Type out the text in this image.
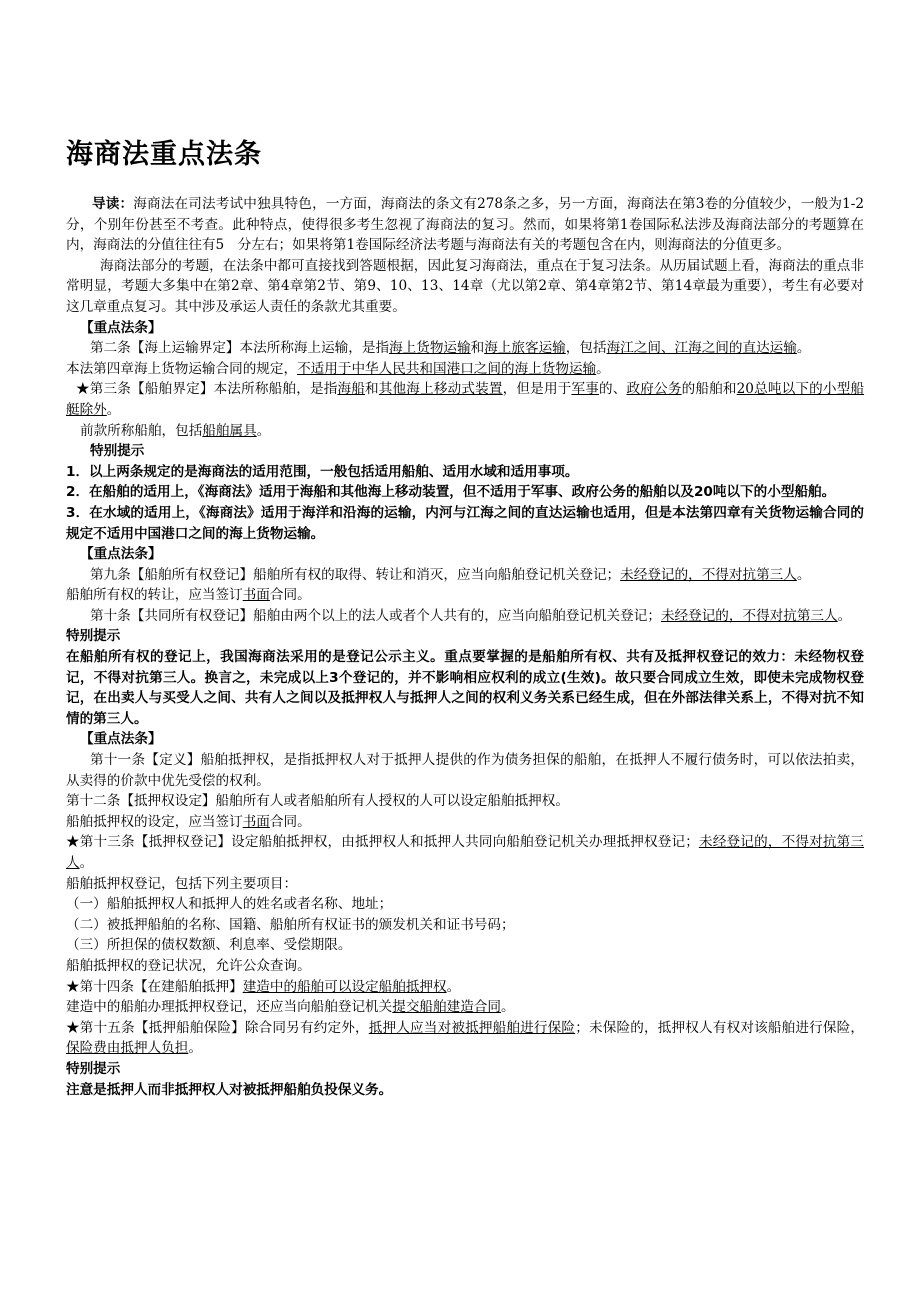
海商法重点法条

导读：海商法在司法考试中独具特色，一方面，海商法的条文有278条之多，另一方面，海商法在第3卷的分值较少，一般为1-2分，个别年份甚至不考查。此种特点，使得很多考生忽视了海商法的复习。然而，如果将第1卷国际私法涉及海商法部分的考题算在内，海商法的分值往往有5　分左右；如果将第1卷国际经济法考题与海商法有关的考题包含在内，则海商法的分值更多。

海商法部分的考题，在法条中都可直接找到答题根据，因此复习海商法，重点在于复习法条。从历届试题上看，海商法的重点非常明显，考题大多集中在第2章、第4章第2节、第9、10、13、14章（尤以第2章、第4章第2节、第14章最为重要），考生有必要对这几章重点复习。其中涉及承运人责任的条款尤其重要。

【重点法条】

第二条【海上运输界定】本法所称海上运输，是指海上货物运输和海上旅客运输，包括海江之间、江海之间的直达运输。

本法第四章海上货物运输合同的规定，不适用于中华人民共和国港口之间的海上货物运输。

★第三条【船舶界定】本法所称船舶，是指海船和其他海上移动式装置，但是用于军事的、政府公务的船舶和20总吨以下的小型船艇除外。

前款所称船舶，包括船舶属具。

特别提示

1．以上两条规定的是海商法的适用范围，一般包括适用船舶、适用水域和适用事项。

2．在船舶的适用上，《海商法》适用于海船和其他海上移动装置，但不适用于军事、政府公务的船舶以及20吨以下的小型船舶。

3．在水域的适用上，《海商法》适用于海洋和沿海的运输，内河与江海之间的直达运输也适用，但是本法第四章有关货物运输合同的规定不适用中国港口之间的海上货物运输。

【重点法条】

第九条【船舶所有权登记】船舶所有权的取得、转让和消灭，应当向船舶登记机关登记；未经登记的，不得对抗第三人。

船舶所有权的转让，应当签订书面合同。

第十条【共同所有权登记】船舶由两个以上的法人或者个人共有的，应当向船舶登记机关登记；未经登记的，不得对抗第三人。

特别提示

在船舶所有权的登记上，我国海商法采用的是登记公示主义。重点要掌握的是船舶所有权、共有及抵押权登记的效力：未经物权登记，不得对抗第三人。换言之，未完成以上3个登记的，并不影响相应权利的成立(生效)。故只要合同成立生效，即使未完成物权登记，在出卖人与买受人之间、共有人之间以及抵押权人与抵押人之间的权利义务关系已经生成，但在外部法律关系上，不得对抗不知情的第三人。

【重点法条】

第十一条【定义】船舶抵押权，是指抵押权人对于抵押人提供的作为债务担保的船舶，在抵押人不履行债务时，可以依法拍卖，从卖得的价款中优先受偿的权利。

第十二条【抵押权设定】船舶所有人或者船舶所有人授权的人可以设定船舶抵押权。

船舶抵押权的设定，应当签订书面合同。

★第十三条【抵押权登记】设定船舶抵押权，由抵押权人和抵押人共同向船舶登记机关办理抵押权登记；未经登记的，不得对抗第三人。

船舶抵押权登记，包括下列主要项目：

（一）船舶抵押权人和抵押人的姓名或者名称、地址；

（二）被抵押船舶的名称、国籍、船舶所有权证书的颁发机关和证书号码；

（三）所担保的债权数额、利息率、受偿期限。

船舶抵押权的登记状况，允许公众查询。

★第十四条【在建船舶抵押】建造中的船舶可以设定船舶抵押权。

建造中的船舶办理抵押权登记，还应当向船舶登记机关提交船舶建造合同。

★第十五条【抵押船舶保险】除合同另有约定外，抵押人应当对被抵押船舶进行保险；未保险的，抵押权人有权对该船舶进行保险，保险费由抵押人负担。

特别提示

注意是抵押人而非抵押权人对被抵押船舶负投保义务。
